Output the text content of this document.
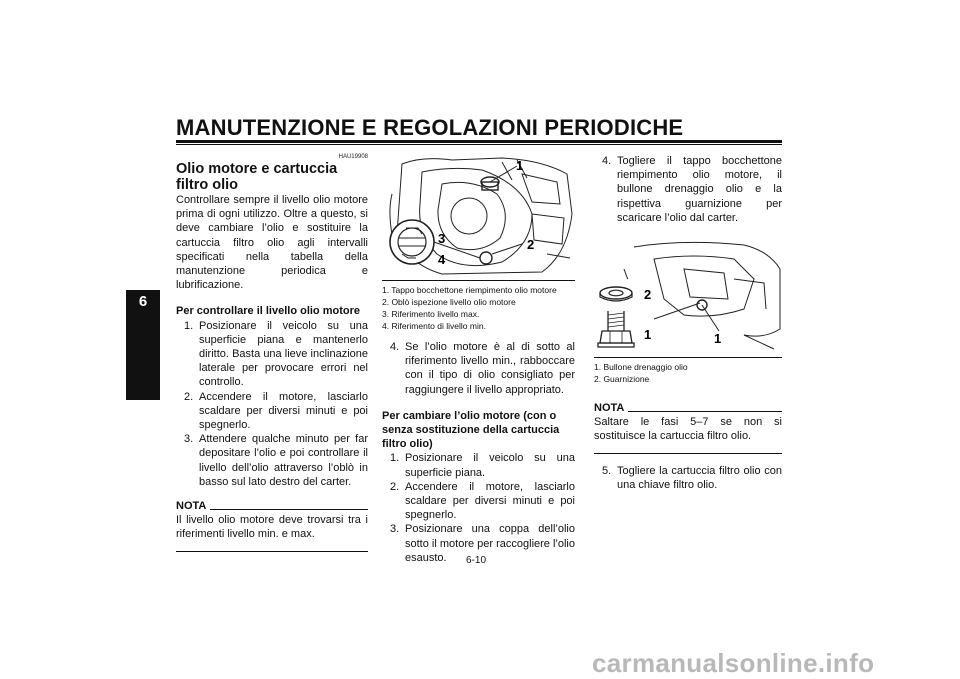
MANUTENZIONE E REGOLAZIONI PERIODICHE
6
HAU19908
Olio motore e cartuccia filtro olio

Controllare sempre il livello olio motore prima di ogni utilizzo. Oltre a questo, si deve cambiare l’olio e sostituire la cartuccia filtro olio agli intervalli specificati nella tabella della manutenzione periodica e lubrificazione.

Per controllare il livello olio motore
1. Posizionare il veicolo su una superficie piana e mantenerlo diritto. Basta una lieve inclinazione laterale per provocare errori nel controllo.
2. Accendere il motore, lasciarlo scaldare per diversi minuti e poi spegnerlo.
3. Attendere qualche minuto per far depositare l’olio e poi controllare il livello dell’olio attraverso l’oblò in basso sul lato destro del carter.
NOTA

Il livello olio motore deve trovarsi tra i riferimenti livello min. e max.

1
2
3
4
1. Tappo bocchettone riempimento olio motore
2. Oblò ispezione livello olio motore
3. Riferimento livello max.
4. Riferimento di livello min.
4. Se l’olio motore è al di sotto al riferimento livello min., rabboccare con il tipo di olio consigliato per raggiungere il livello appropriato.
Per cambiare l’olio motore (con o senza sostituzione della cartuccia filtro olio)
1. Posizionare il veicolo su una superficie piana.
2. Accendere il motore, lasciarlo scaldare per diversi minuti e poi spegnerlo.
3. Posizionare una coppa dell’olio sotto il motore per raccogliere l’olio esausto.
4. Togliere il tappo bocchettone riempimento olio motore, il bullone drenaggio olio e la rispettiva guarnizione per scaricare l’olio dal carter.
2
1	1
1. Bullone drenaggio olio
2. Guarnizione
NOTA

Saltare le fasi 5–7 se non si sostituisce la cartuccia filtro olio.

5. Togliere la cartuccia filtro olio con una chiave filtro olio.
6-10
carmanualsonline.info
